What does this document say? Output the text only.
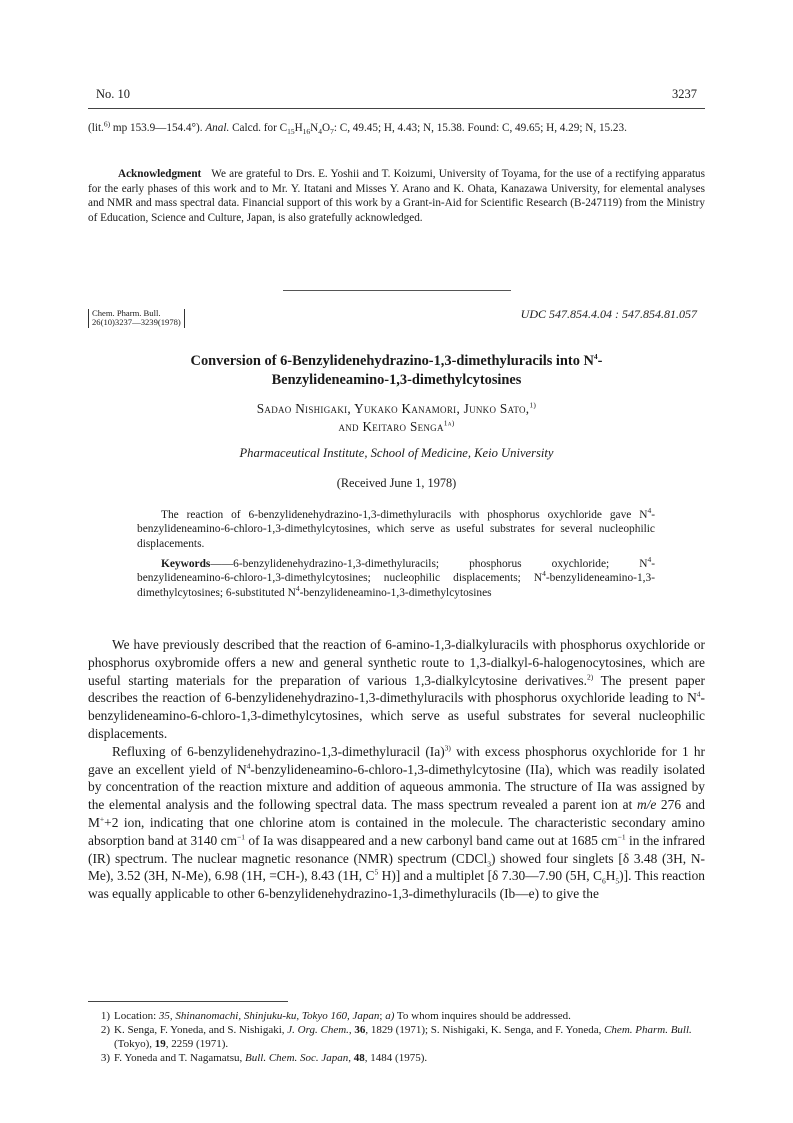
No. 10	3237
(lit.$^{6)}$ mp 153.9—154.4°). Anal. Calcd. for $C_{15}H_{16}N_4O_7$: C, 49.45; H, 4.43; N, 15.38. Found: C, 49.65; H, 4.29; N, 15.23.
Acknowledgment We are grateful to Drs. E. Yoshii and T. Koizumi, University of Toyama, for the use of a rectifying apparatus for the early phases of this work and to Mr. Y. Itatani and Misses Y. Arano and K. Ohata, Kanazawa University, for elemental analyses and NMR and mass spectral data. Financial support of this work by a Grant-in-Aid for Scientific Research (B-247119) from the Ministry of Education, Science and Culture, Japan, is also gratefully acknowledged.
Chem. Pharm. Bull.
26(10)3237—3239(1978)
UDC 547.854.4.04 : 547.854.81.057
Conversion of 6-Benzylidenehydrazino-1,3-dimethyluracils into $N^4-$
Benzylideneamino-1,3-dimethylcytosines
Sadao Nishigaki, Yukako Kanamori, Junko Sato,$^{1)}$
and Keitaro Senga$^{1a)}$
Pharmaceutical Institute, School of Medicine, Keio University
(Received June 1, 1978)
The reaction of 6-benzylidenehydrazino-1,3-dimethyluracils with phosphorus oxychloride gave $N^4-benzylideneamino-6-chloro-1,3$-dimethylcytosines, which serve as useful substrates for several nucleophilic displacements.
Keywords——6-benzylidenehydrazino-1,3-dimethyluracils; phosphorus oxychloride; $N^4-benzylideneamino-6-chloro-1,3$-dimethylcytosines; nucleophilic displacements; $N^4-benzylideneamino-1,3$-dimethylcytosines; 6-substituted $N^4-benzylideneamino-1,3$-dimethylcytosines

We have previously described that the reaction of 6-amino-1,3-dialkyluracils with phosphorus oxychloride or phosphorus oxybromide offers a new and general synthetic route to 1,3-dialkyl-6-halogenocytosines, which are useful starting materials for the preparation of various 1,3-dialkylcytosine derivatives.$^{2)}$ The present paper describes the reaction of 6-benzylidenehydrazino-1,3-dimethyluracils with phosphorus oxychloride leading to $N^4-benzylideneamino-6-chloro-1,3$-dimethylcytosines, which serve as useful substrates for several nucleophilic displacements.

Refluxing of 6-benzylidenehydrazino-1,3-dimethyluracil $(Ia)^{3)}$ with excess phosphorus oxychloride for 1 hr gave an excellent yield of $N^4-benzylideneamino-6-chloro-1,3$-dimethylcytosine (IIa), which was readily isolated by concentration of the reaction mixture and addition of aqueous ammonia. The structure of IIa was assigned by the elemental analysis and the following spectral data. The mass spectrum revealed a parent ion at m/e 276 and M++2 ion, indicating that one chlorine atom is contained in the molecule. The characteristic secondary amino absorption band at 3140 $cm^{-1}$ of Ia was disappeared and a new carbonyl band came out at 1685 $cm^{-1}$ in the infrared (IR) spectrum. The nuclear magnetic resonance (NMR) spectrum (CDCl$_3$) showed four singlets [δ 3.48 (3H, N-Me), 3.52 (3H, N-Me), 6.98 (1H, =CH-), 8.43 (1H, $C^5$ H)] and a multiplet [δ 7.30—7.90 (5H, $C_6H_5$)]. This reaction was equally applicable to other 6-benzylidenehydrazino-1,3-dimethyluracils (Ib—e) to give the

1) Location: 35, Shinanomachi, Shinjuku-ku, Tokyo 160, Japan; a) To whom inquires should be addressed.
2) K. Senga, F. Yoneda, and S. Nishigaki, J. Org. Chem., 36, 1829 (1971); S. Nishigaki, K. Senga, and F. Yoneda, Chem. Pharm. Bull. (Tokyo), 19, 2259 (1971).
3) F. Yoneda and T. Nagamatsu, Bull. Chem. Soc. Japan, 48, 1484 (1975).
